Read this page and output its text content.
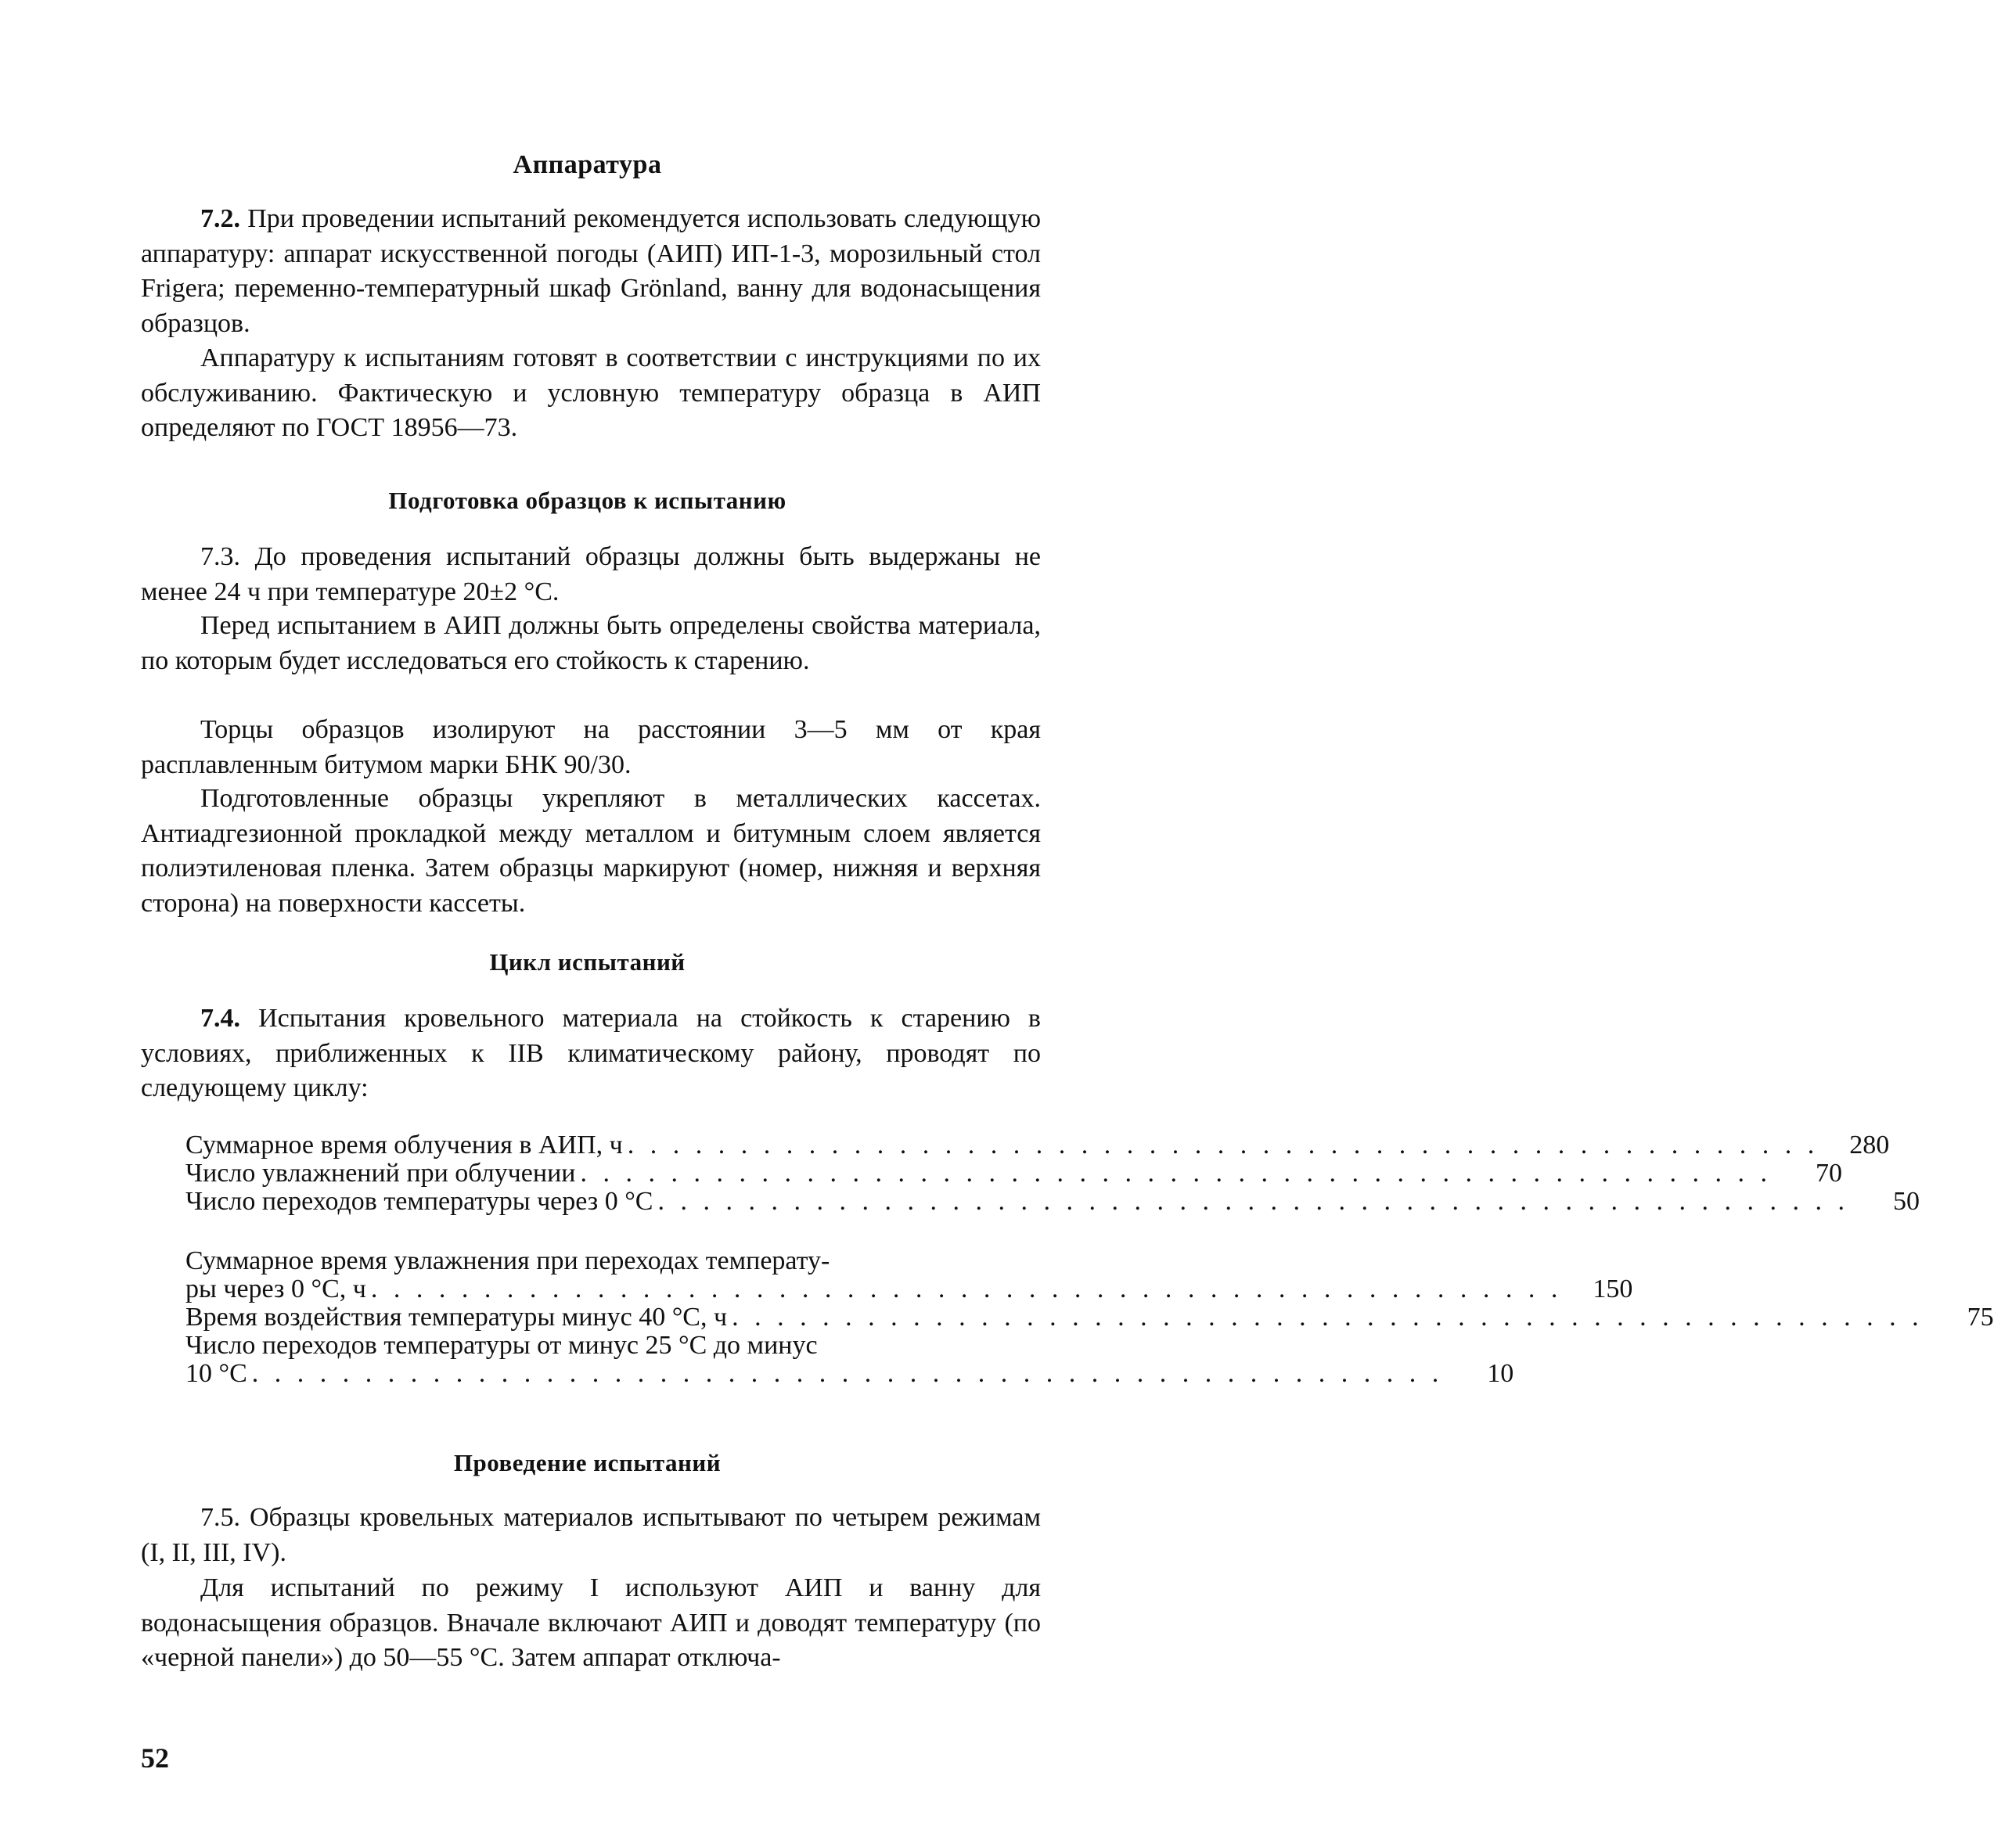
Аппаратура

7.2. При проведении испытаний рекомендуется использовать следующую аппаратуру: аппарат искусственной погоды (АИП) ИП-1-3, морозильный стол Frigera; переменно-температурный шкаф Grönland, ванну для водонасыщения образцов.

Аппаратуру к испытаниям готовят в соответствии с инструкциями по их обслуживанию. Фактическую и условную температуру образца в АИП определяют по ГОСТ 18956—73.

Подготовка образцов к испытанию

7.3. До проведения испытаний образцы должны быть выдержаны не менее 24 ч при температуре 20±2 °С.

Перед испытанием в АИП должны быть определены свойства материала, по которым будет исследоваться его стойкость к старению.

Торцы образцов изолируют на расстоянии 3—5 мм от края расплавленным битумом марки БНК 90/30.

Подготовленные образцы укрепляют в металлических кассетах. Антиадгезионной прокладкой между металлом и битумным слоем является полиэтиленовая пленка. Затем образцы маркируют (номер, нижняя и верхняя сторона) на поверхности кассеты.

Цикл испытаний

7.4. Испытания кровельного материала на стойкость к старению в условиях, приближенных к IIВ климатическому району, проводят по следующему циклу:

Суммарное время облучения в АИП, ч . . .	280
Число увлажнений при облучении . . .	70
Число переходов температуры через 0 °С . . .	50
Суммарное время увлажнения при переходах температу-
ры через 0 °С, ч . . .	150
Время воздействия температуры минус 40 °С, ч . . .	75
Число переходов температуры от минус 25 °С до минус
10 °С . . .	10
Проведение испытаний

7.5. Образцы кровельных материалов испытывают по четырем режимам (I, II, III, IV).

Для испытаний по режиму I используют АИП и ванну для водонасыщения образцов. Вначале включают АИП и доводят температуру (по «черной панели») до 50—55 °С. Затем аппарат отключа-

52
